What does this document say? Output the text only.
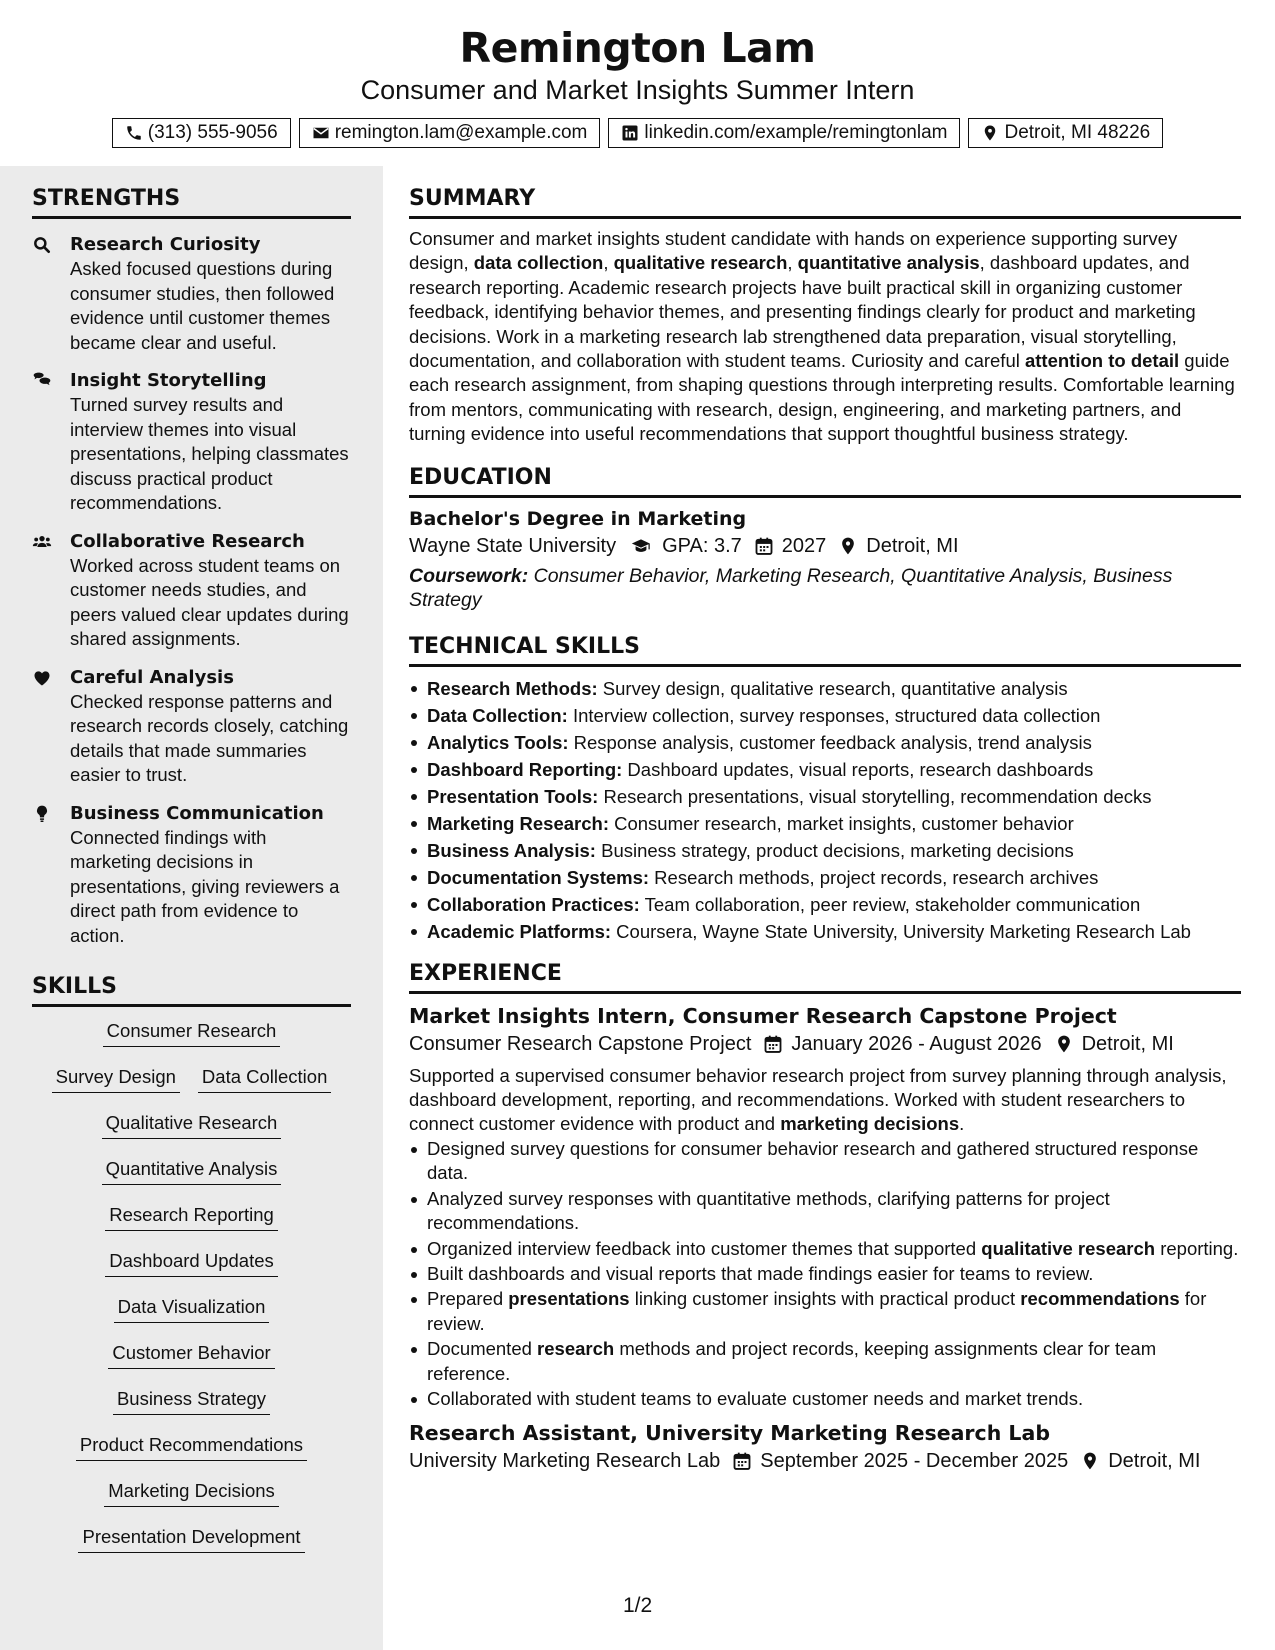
Remington Lam
Consumer and Market Insights Summer Intern
(313) 555-9056	remington.lam@example.com	linkedin.com/example/remingtonlam	Detroit, MI 48226
STRENGTHS
Research Curiosity
Asked focused questions during consumer studies, then followed evidence until customer themes became clear and useful.
Insight Storytelling
Turned survey results and interview themes into visual presentations, helping classmates discuss practical product recommendations.
Collaborative Research
Worked across student teams on customer needs studies, and peers valued clear updates during shared assignments.
Careful Analysis
Checked response patterns and research records closely, catching details that made summaries easier to trust.
Business Communication
Connected findings with marketing decisions in presentations, giving reviewers a direct path from evidence to action.
SKILLS
Consumer Research
Survey Design Data Collection
Qualitative Research
Quantitative Analysis
Research Reporting
Dashboard Updates
Data Visualization
Customer Behavior
Business Strategy
Product Recommendations
Marketing Decisions
Presentation Development
SUMMARY

Consumer and market insights student candidate with hands on experience supporting survey design, data collection, qualitative research, quantitative analysis, dashboard updates, and research reporting. Academic research projects have built practical skill in organizing customer feedback, identifying behavior themes, and presenting findings clearly for product and marketing decisions. Work in a marketing research lab strengthened data preparation, visual storytelling, documentation, and collaboration with student teams. Curiosity and careful attention to detail guide each research assignment, from shaping questions through interpreting results. Comfortable learning from mentors, communicating with research, design, engineering, and marketing partners, and turning evidence into useful recommendations that support thoughtful business strategy.

EDUCATION
Bachelor's Degree in Marketing
Wayne State University GPA: 3.7 2027 Detroit, MI
Coursework: Consumer Behavior, Marketing Research, Quantitative Analysis, Business Strategy
TECHNICAL SKILLS
Research Methods: Survey design, qualitative research, quantitative analysis
Data Collection: Interview collection, survey responses, structured data collection
Analytics Tools: Response analysis, customer feedback analysis, trend analysis
Dashboard Reporting: Dashboard updates, visual reports, research dashboards
Presentation Tools: Research presentations, visual storytelling, recommendation decks
Marketing Research: Consumer research, market insights, customer behavior
Business Analysis: Business strategy, product decisions, marketing decisions
Documentation Systems: Research methods, project records, research archives
Collaboration Practices: Team collaboration, peer review, stakeholder communication
Academic Platforms: Coursera, Wayne State University, University Marketing Research Lab
EXPERIENCE
Market Insights Intern, Consumer Research Capstone Project
Consumer Research Capstone Project January 2026 - August 2026 Detroit, MI

Supported a supervised consumer behavior research project from survey planning through analysis, dashboard development, reporting, and recommendations. Worked with student researchers to connect customer evidence with product and marketing decisions.

Designed survey questions for consumer behavior research and gathered structured response data.
Analyzed survey responses with quantitative methods, clarifying patterns for project recommendations.
Organized interview feedback into customer themes that supported qualitative research reporting.
Built dashboards and visual reports that made findings easier for teams to review.
Prepared presentations linking customer insights with practical product recommendations for review.
Documented research methods and project records, keeping assignments clear for team reference.
Collaborated with student teams to evaluate customer needs and market trends.
Research Assistant, University Marketing Research Lab
University Marketing Research Lab September 2025 - December 2025 Detroit, MI
1/2
